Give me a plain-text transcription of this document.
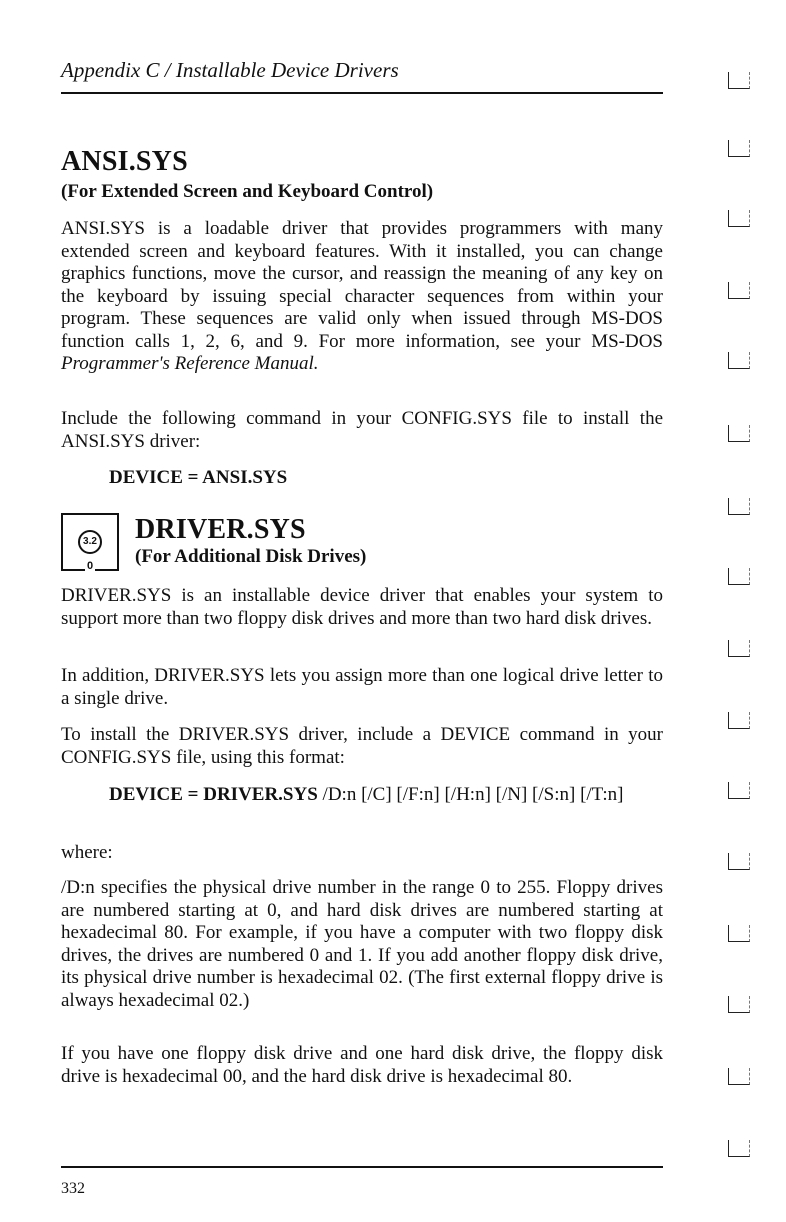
Appendix C / Installable Device Drivers
ANSI.SYS
(For Extended Screen and Keyboard Control)

ANSI.SYS is a loadable driver that provides programmers with many extended screen and keyboard features. With it installed, you can change graphics functions, move the cursor, and reassign the meaning of any key on the keyboard by issuing special character sequences from within your program. These sequences are valid only when issued through MS-DOS function calls 1, 2, 6, and 9. For more information, see your MS-DOS Programmer's Reference Manual.

Include the following command in your CONFIG.SYS file to install the ANSI.SYS driver:

DEVICE = ANSI.SYS
3.2
0
DRIVER.SYS
(For Additional Disk Drives)

DRIVER.SYS is an installable device driver that enables your system to support more than two floppy disk drives and more than two hard disk drives.

In addition, DRIVER.SYS lets you assign more than one logical drive letter to a single drive.

To install the DRIVER.SYS driver, include a DEVICE command in your CONFIG.SYS file, using this format:

DEVICE = DRIVER.SYS /D:n [/C] [/F:n] [/H:n] [/N] [/S:n] [/T:n]
where:

/D:n specifies the physical drive number in the range 0 to 255. Floppy drives are numbered starting at 0, and hard disk drives are numbered starting at hexadecimal 80. For example, if you have a computer with two floppy disk drives, the drives are numbered 0 and 1. If you add another floppy disk drive, its physical drive number is hexadecimal 02. (The first external floppy drive is always hexadecimal 02.)

If you have one floppy disk drive and one hard disk drive, the floppy disk drive is hexadecimal 00, and the hard disk drive is hexadecimal 80.

332
